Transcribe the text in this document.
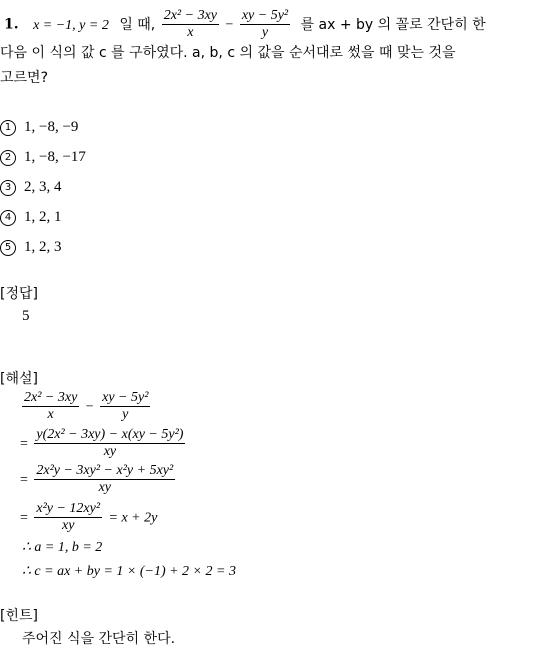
1. x = −1, y = 2 일 때, $\frac{\text{2x² − 3xy}}{x} - \frac{\text{xy − 5y²}}{y}$ 를 ax + by 의 꼴로 간단히 한
다음 이 식의 값 c 를 구하였다. a, b, c 의 값을 순서대로 썼을 때 맞는 것을
고르면?
1 1, −8, −9
2 1, −8, −17
3 2, 3, 4
4 1, 2, 1
5 1, 2, 3
[정답]
5
[해설]
$\frac{\text{2x² − 3xy}}{x} - \frac{\text{xy − 5y²}}{y}$
= $\frac{\text{y(2x² − 3xy) − x(xy − 5y²)}}{xy}$
= $\frac{\text{2x²y − 3xy² − x²y + 5xy²}}{xy}$
= $\frac{\text{x²y − 12xy²}}{xy} = x + 2y$
∴ a = 1, b = 2
∴ c = ax + by = 1 × (−1) + 2 × 2 = 3
[힌트]
주어진 식을 간단히 한다.
